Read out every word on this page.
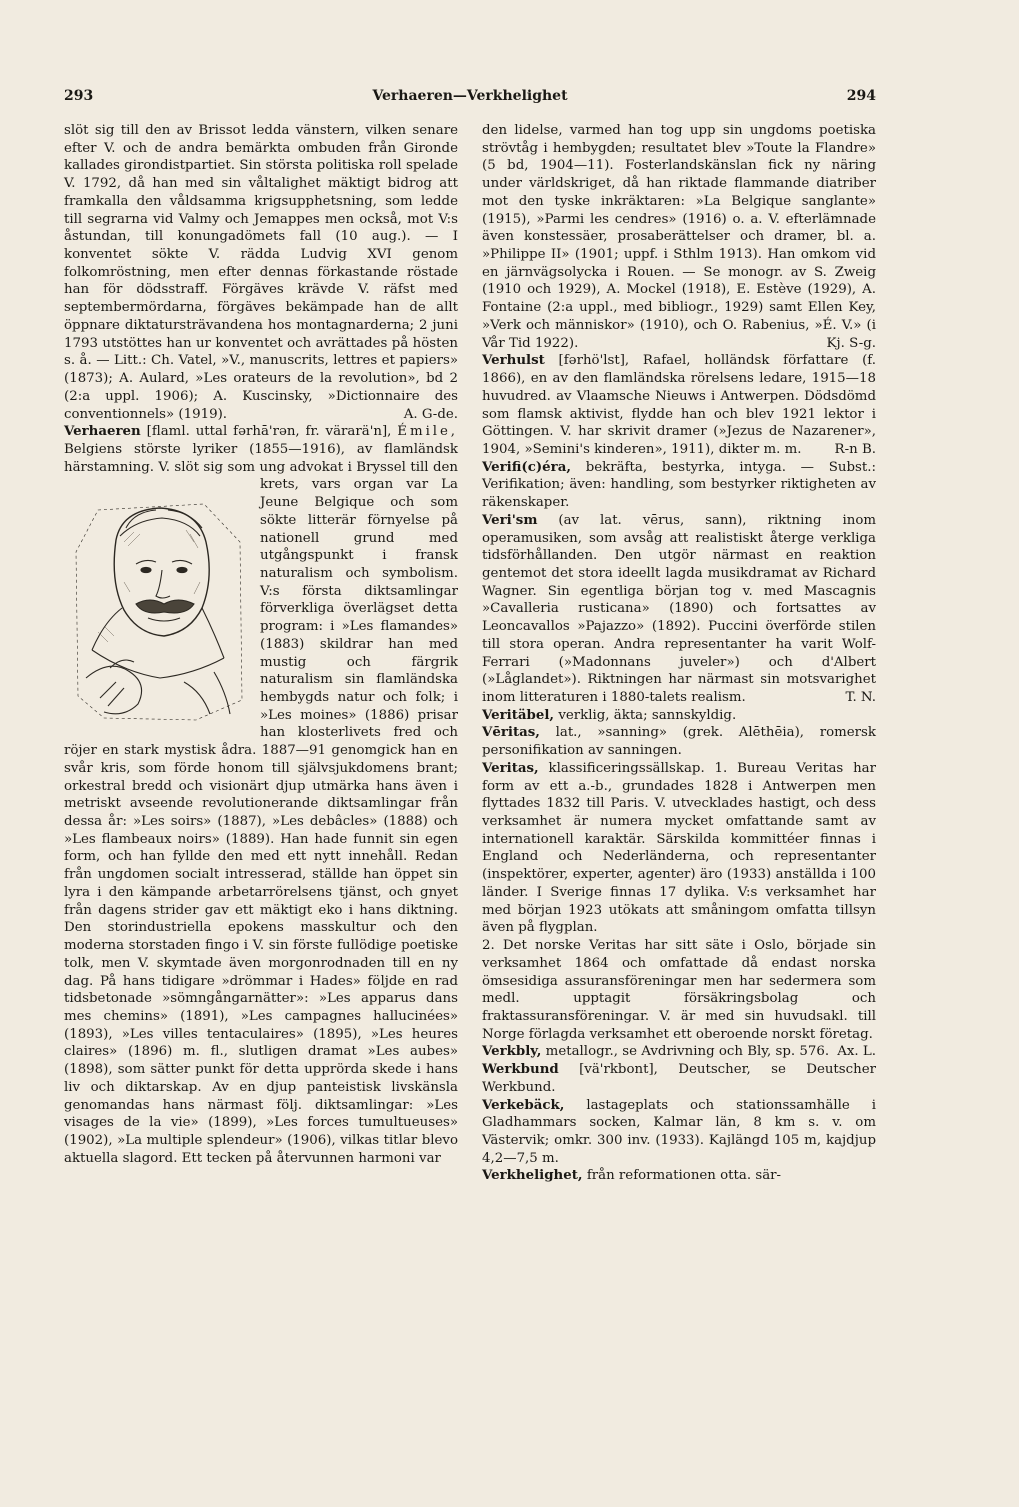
293	Verhaeren—Verkhelighet	294

slöt sig till den av Brissot ledda vänstern, vilken senare efter V. och de andra bemärkta ombuden från Gironde kallades girondistpartiet. Sin största politiska roll spelade V. 1792, då han med sin våltalighet mäktigt bidrog att framkalla den våldsamma krigsupphetsning, som ledde till segrarna vid Valmy och Jemappes men också, mot V:s åstundan, till konungadömets fall (10 aug.). — I konventet sökte V. rädda Ludvig XVI genom folkomröstning, men efter dennas förkastande röstade han för dödsstraff. Förgäves krävde V. räfst med septembermördarna, förgäves bekämpade han de allt öppnare diktatursträvandena hos montagnarderna; 2 juni 1793 utstöttes han ur konventet och avrättades på hösten s. å. — Litt.: Ch. Vatel, »V., manuscrits, lettres et papiers» (1873); A. Aulard, »Les orateurs de la revolution», bd 2 (2:a uppl. 1906); A. Kuscinsky, »Dictionnaire des conventionnels» (1919).	A. G-de.

Verhaeren [flaml. uttal fərhā'rən, fr. värarä'n], Émile, Belgiens störste lyriker (1855—1916), av flamländsk härstamning. V. slöt sig som ung advokat i Bryssel till den krets, vars organ var La Jeune Belgique och som sökte litterär förnyelse på nationell grund med utgångspunkt i fransk naturalism och symbolism. V:s första diktsamlingar förverkliga överlägset detta program: i »Les flamandes» (1883) skildrar han med mustig och färgrik naturalism sin flamländska hembygds natur och folk; i »Les moines» (1886) prisar han klosterlivets fred och röjer en stark mystisk ådra. 1887—91 genomgick han en svår kris, som förde honom till självsjukdomens brant; orkestral bredd och visionärt djup utmärka hans även i metriskt avseende revolutionerande diktsamlingar från dessa år: »Les soirs» (1887), »Les debâcles» (1888) och »Les flambeaux noirs» (1889). Han hade funnit sin egen form, och han fyllde den med ett nytt innehåll. Redan från ungdomen socialt intresserad, ställde han öppet sin lyra i den kämpande arbetarrörelsens tjänst, och gnyet från dagens strider gav ett mäktigt eko i hans diktning. Den storindustriella epokens masskultur och den moderna storstaden fingo i V. sin förste fullödige poetiske tolk, men V. skymtade även morgonrodnaden till en ny dag. På hans tidigare »drömmar i Hades» följde en rad tidsbetonade »sömngångarnätter»: »Les apparus dans mes chemins» (1891), »Les campagnes hallucinées» (1893), »Les villes tentaculaires» (1895), »Les heures claires» (1896) m. fl., slutligen dramat »Les aubes» (1898), som sätter punkt för detta upprörda skede i hans liv och diktarskap. Av en djup panteistisk livskänsla genomandas hans närmast följ. diktsamlingar: »Les visages de la vie» (1899), »Les forces tumultueuses» (1902), »La multiple splendeur» (1906), vilkas titlar blevo aktuella slagord. Ett tecken på återvunnen harmoni var

den lidelse, varmed han tog upp sin ungdoms poetiska strövtåg i hembygden; resultatet blev »Toute la Flandre» (5 bd, 1904—11). Fosterlandskänslan fick ny näring under världskriget, då han riktade flammande diatriber mot den tyske inkräktaren: »La Belgique sanglante» (1915), »Parmi les cendres» (1916) o. a. V. efterlämnade även konstessäer, prosaberättelser och dramer, bl. a. »Philippe II» (1901; uppf. i Sthlm 1913). Han omkom vid en järnvägsolycka i Rouen. — Se monogr. av S. Zweig (1910 och 1929), A. Mockel (1918), E. Estève (1929), A. Fontaine (2:a uppl., med bibliogr., 1929) samt Ellen Key, »Verk och människor» (1910), och O. Rabenius, »É. V.» (i Vår Tid 1922).	Kj. S-g.

Verhulst [fərhö'lst], Rafael, holländsk författare (f. 1866), en av den flamländska rörelsens ledare, 1915—18 huvudred. av Vlaamsche Nieuws i Antwerpen. Dödsdömd som flamsk aktivist, flydde han och blev 1921 lektor i Göttingen. V. har skrivit dramer (»Jezus de Nazarener», 1904, »Semini's kinderen», 1911), dikter m. m. R-n B.

Verifi(c)éra, bekräfta, bestyrka, intyga. — Subst.: Verifikation; även: handling, som bestyrker riktigheten av räkenskaper.

Veri'sm (av lat. vērus, sann), riktning inom operamusiken, som avsåg att realistiskt återge verkliga tidsförhållanden. Den utgör närmast en reaktion gentemot det stora ideellt lagda musikdramat av Richard Wagner. Sin egentliga början tog v. med Mascagnis »Cavalleria rusticana» (1890) och fortsattes av Leoncavallos »Pajazzo» (1892). Puccini överförde stilen till stora operan. Andra representanter ha varit Wolf-Ferrari (»Madonnans juveler») och d'Albert (»Låglandet»). Riktningen har närmast sin motsvarighet inom litteraturen i 1880-talets realism.	T. N.

Veritäbel, verklig, äkta; sannskyldig.

Vēritas, lat., »sanning» (grek. Alēthēia), romersk personifikation av sanningen.

Veritas, klassificeringssällskap. 1. Bureau Veritas har form av ett a.-b., grundades 1828 i Antwerpen men flyttades 1832 till Paris. V. utvecklades hastigt, och dess verksamhet är numera mycket omfattande samt av internationell karaktär. Särskilda kommittéer finnas i England och Nederländerna, och representanter (inspektörer, experter, agenter) äro (1933) anställda i 100 länder. I Sverige finnas 17 dylika. V:s verksamhet har med början 1923 utökats att småningom omfatta tillsyn även på flygplan.

2. Det norske Veritas har sitt säte i Oslo, började sin verksamhet 1864 och omfattade då endast norska ömsesidiga assuransföreningar men har sedermera som medl. upptagit försäkringsbolag och fraktassuransföreningar. V. är med sin huvudsakl. till Norge förlagda verksamhet ett oberoende norskt företag.
Ax. L.

Verkbly, metallogr., se Avdrivning och Bly, sp. 576.

Werkbund [vä'rkbont], Deutscher, se Deutscher Werkbund.

Verkebäck, lastageplats och stationssamhälle i Gladhammars socken, Kalmar län, 8 km s. v. om Västervik; omkr. 300 inv. (1933). Kajlängd 105 m, kajdjup 4,2—7,5 m.

Verkhelighet, från reformationen otta. sär-
